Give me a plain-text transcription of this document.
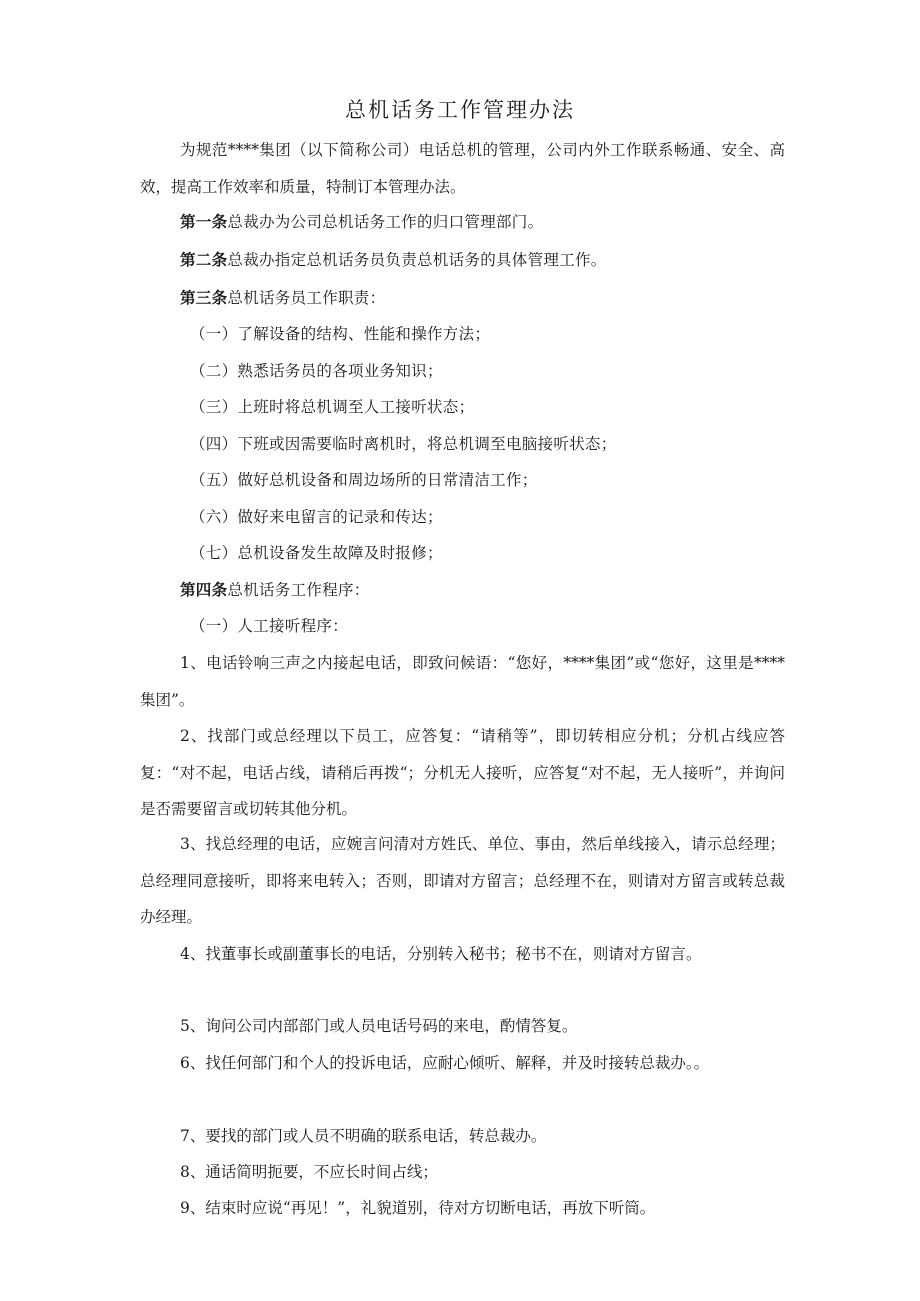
总机话务工作管理办法
为规范****集团（以下简称公司）电话总机的管理，公司内外工作联系畅通、安全、高效，提高工作效率和质量，特制订本管理办法。
第一条总裁办为公司总机话务工作的归口管理部门。
第二条总裁办指定总机话务员负责总机话务的具体管理工作。
第三条总机话务员工作职责：
（一）了解设备的结构、性能和操作方法；
（二）熟悉话务员的各项业务知识；
（三）上班时将总机调至人工接听状态；
（四）下班或因需要临时离机时，将总机调至电脑接听状态；
（五）做好总机设备和周边场所的日常清洁工作；
（六）做好来电留言的记录和传达；
（七）总机设备发生故障及时报修；
第四条总机话务工作程序：
（一）人工接听程序：
1、电话铃响三声之内接起电话，即致问候语：“您好，****集团”或“您好，这里是****集团”。
2、找部门或总经理以下员工，应答复：“请稍等”，即切转相应分机；分机占线应答复：“对不起，电话占线，请稍后再拨“；分机无人接听，应答复“对不起，无人接听”，并询问是否需要留言或切转其他分机。
3、找总经理的电话，应婉言问清对方姓氏、单位、事由，然后单线接入，请示总经理；总经理同意接听，即将来电转入；否则，即请对方留言；总经理不在，则请对方留言或转总裁办经理。
4、找董事长或副董事长的电话，分别转入秘书；秘书不在，则请对方留言。
5、询问公司内部部门或人员电话号码的来电，酌情答复。
6、找任何部门和个人的投诉电话，应耐心倾听、解释，并及时接转总裁办。。
7、要找的部门或人员不明确的联系电话，转总裁办。
8、通话简明扼要，不应长时间占线；
9、结束时应说“再见！”，礼貌道别，待对方切断电话，再放下听筒。
